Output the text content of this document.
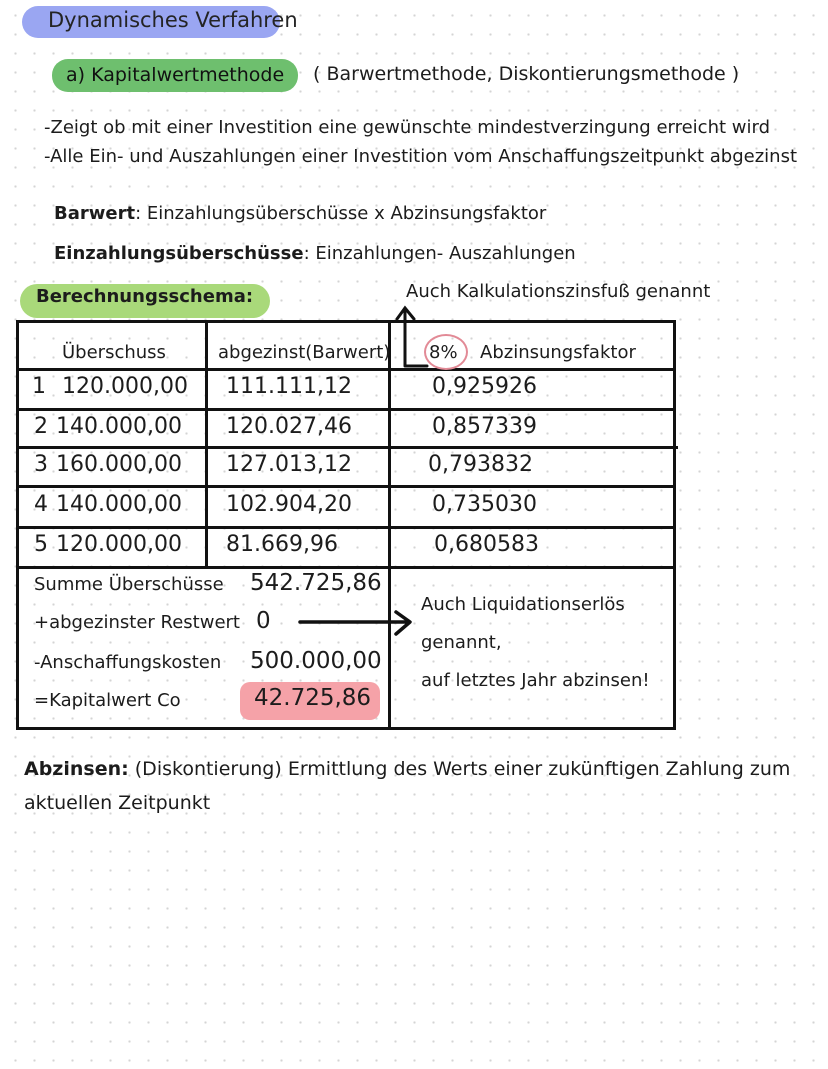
Dynamisches Verfahren
a) Kapitalwertmethode ( Barwertmethode, Diskontierungsmethode )
-Zeigt ob mit einer Investition eine gewünschte mindestverzingung erreicht wird
-Alle Ein- und Auszahlungen einer Investition vom Anschaffungszeitpunkt abgezinst
Barwert: Einzahlungsüberschüsse x Abzinsungsfaktor
Einzahlungsüberschüsse: Einzahlungen- Auszahlungen
Berechnungsschema:	Auch Kalkulationszinsfuß genannt
Überschuss	abgezinst(Barwert) 8% Abzinsungsfaktor
1 120.000,00 111.111,12	0,925926
2 140.000,00 120.027,46	0,857339
3 160.000,00 127.013,12	0,793832
4 140.000,00 102.904,20	0,735030
5 120.000,00 81.669,96	0,680583
Summe Überschüsse 542.725,86
+abgezinster Restwert 0
-Anschaffungskosten 500.000,00
=Kapitalwert Co	42.725,86
Auch Liquidationserlös
genannt,
auf letztes Jahr abzinsen!
Abzinsen: (Diskontierung) Ermittlung des Werts einer zukünftigen Zahlung zum
aktuellen Zeitpunkt
